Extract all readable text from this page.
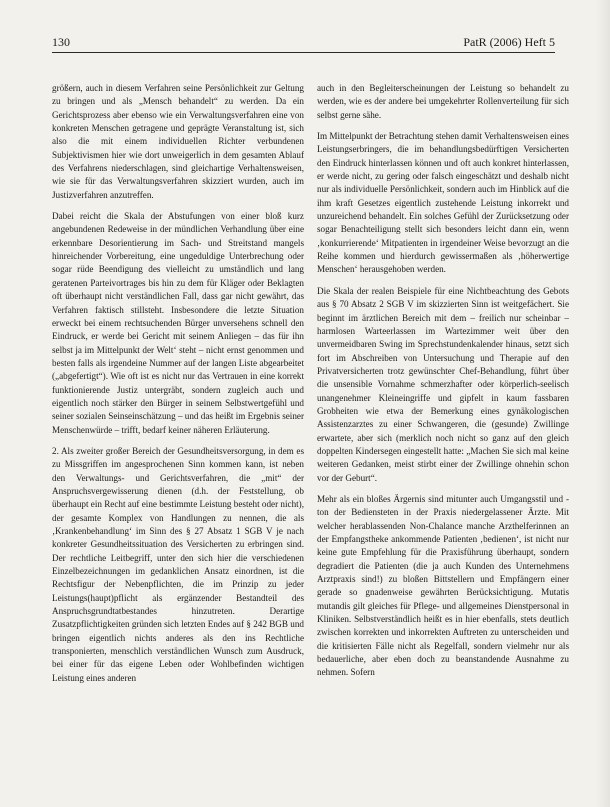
130	PatR (2006) Heft 5

größern, auch in diesem Verfahren seine Persönlichkeit zur Geltung zu bringen und als „Mensch behandelt“ zu werden. Da ein Gerichtsprozess aber ebenso wie ein Verwaltungsverfahren eine von konkreten Menschen getragene und geprägte Veranstaltung ist, sich also die mit einem individuellen Richter verbundenen Subjektivismen hier wie dort unweigerlich in dem gesamten Ablauf des Verfahrens niederschlagen, sind gleichartige Verhaltensweisen, wie sie für das Verwaltungsverfahren skizziert wurden, auch im Justizverfahren anzutreffen.

Dabei reicht die Skala der Abstufungen von einer bloß kurz angebundenen Redeweise in der mündlichen Verhandlung über eine erkennbare Desorientierung im Sach- und Streitstand mangels hinreichender Vorbereitung, eine ungeduldige Unterbrechung oder sogar rüde Beendigung des vielleicht zu umständlich und lang geratenen Parteivortrages bis hin zu dem für Kläger oder Beklagten oft überhaupt nicht verständlichen Fall, dass gar nicht gewährt, das Verfahren faktisch stillsteht. Insbesondere die letzte Situation erweckt bei einem rechtsuchenden Bürger unversehens schnell den Eindruck, er werde bei Gericht mit seinem Anliegen – das für ihn selbst ja im Mittelpunkt der Welt‘ steht – nicht ernst genommen und besten falls als irgendeine Nummer auf der langen Liste abgearbeitet („abgefertigt“). Wie oft ist es nicht nur das Vertrauen in eine korrekt funktionierende Justiz untergräbt, sondern zugleich auch und eigentlich noch stärker den Bürger in seinem Selbstwertgefühl und seiner sozialen Seinseinschätzung – und das heißt im Ergebnis seiner Menschenwürde – trifft, bedarf keiner näheren Erläuterung.

2. Als zweiter großer Bereich der Gesundheitsversorgung, in dem es zu Missgriffen im angesprochenen Sinn kommen kann, ist neben den Verwaltungs- und Gerichtsverfahren, die „mit“ der Anspruchsvergewisserung dienen (d.h. der Feststellung, ob überhaupt ein Recht auf eine bestimmte Leistung besteht oder nicht), der gesamte Komplex von Handlungen zu nennen, die als ‚Krankenbehandlung‘ im Sinn des § 27 Absatz 1 SGB V je nach konkreter Gesundheitssituation des Versicherten zu erbringen sind. Der rechtliche Leitbegriff, unter den sich hier die verschiedenen Einzelbezeichnungen im gedanklichen Ansatz einordnen, ist die Rechtsfigur der Nebenpflichten, die im Prinzip zu jeder Leistungs(haupt)pflicht als ergänzender Bestandteil des Anspruchsgrundtatbestandes hinzutreten. Derartige Zusatzpflichtigkeiten gründen sich letzten Endes auf § 242 BGB und bringen eigentlich nichts anderes als den ins Rechtliche transponierten, menschlich verständlichen Wunsch zum Ausdruck, bei einer für das eigene Leben oder Wohlbefinden wichtigen Leistung eines anderen

auch in den Begleiterscheinungen der Leistung so behandelt zu werden, wie es der andere bei umgekehrter Rollenverteilung für sich selbst gerne sähe.

Im Mittelpunkt der Betrachtung stehen damit Verhaltensweisen eines Leistungserbringers, die im behandlungsbedürftigen Versicherten den Eindruck hinterlassen können und oft auch konkret hinterlassen, er werde nicht, zu gering oder falsch eingeschätzt und deshalb nicht nur als individuelle Persönlichkeit, sondern auch im Hinblick auf die ihm kraft Gesetzes eigentlich zustehende Leistung inkorrekt und unzureichend behandelt. Ein solches Gefühl der Zurücksetzung oder sogar Benachteiligung stellt sich besonders leicht dann ein, wenn ‚konkurrierende‘ Mitpatienten in irgendeiner Weise bevorzugt an die Reihe kommen und hierdurch gewissermaßen als ‚höherwertige Menschen‘ herausgehoben werden.

Die Skala der realen Beispiele für eine Nichtbeachtung des Gebots aus § 70 Absatz 2 SGB V im skizzierten Sinn ist weitgefächert. Sie beginnt im ärztlichen Bereich mit dem – freilich nur scheinbar – harmlosen Warteerlassen im Wartezimmer weit über den unvermeidbaren Swing im Sprechstundenkalender hinaus, setzt sich fort im Abschreiben von Untersuchung und Therapie auf den Privatversicherten trotz gewünschter Chef-Behandlung, führt über die unsensible Vornahme schmerzhafter oder körperlich-seelisch unangenehmer Kleineingriffe und gipfelt in kaum fassbaren Grobheiten wie etwa der Bemerkung eines gynäkologischen Assistenzarztes zu einer Schwangeren, die (gesunde) Zwillinge erwartete, aber sich (merklich noch nicht so ganz auf den gleich doppelten Kindersegen eingestellt hatte: „Machen Sie sich mal keine weiteren Gedanken, meist stirbt einer der Zwillinge ohnehin schon vor der Geburt“.

Mehr als ein bloßes Ärgernis sind mitunter auch Umgangsstil und -ton der Bediensteten in der Praxis niedergelassener Ärzte. Mit welcher herablassenden Non-Chalance manche Arzthelferinnen an der Empfangstheke ankommende Patienten ‚bedienen‘, ist nicht nur keine gute Empfehlung für die Praxisführung überhaupt, sondern degradiert die Patienten (die ja auch Kunden des Unternehmens Arztpraxis sind!) zu bloßen Bittstellern und Empfängern einer gerade so gnadenweise gewährten Berücksichtigung. Mutatis mutandis gilt gleiches für Pflege- und allgemeines Dienstpersonal in Kliniken. Selbstverständlich heißt es in hier ebenfalls, stets deutlich zwischen korrekten und inkorrekten Auftreten zu unterscheiden und die kritisierten Fälle nicht als Regelfall, sondern vielmehr nur als bedauerliche, aber eben doch zu beanstandende Ausnahme zu nehmen. Sofern
